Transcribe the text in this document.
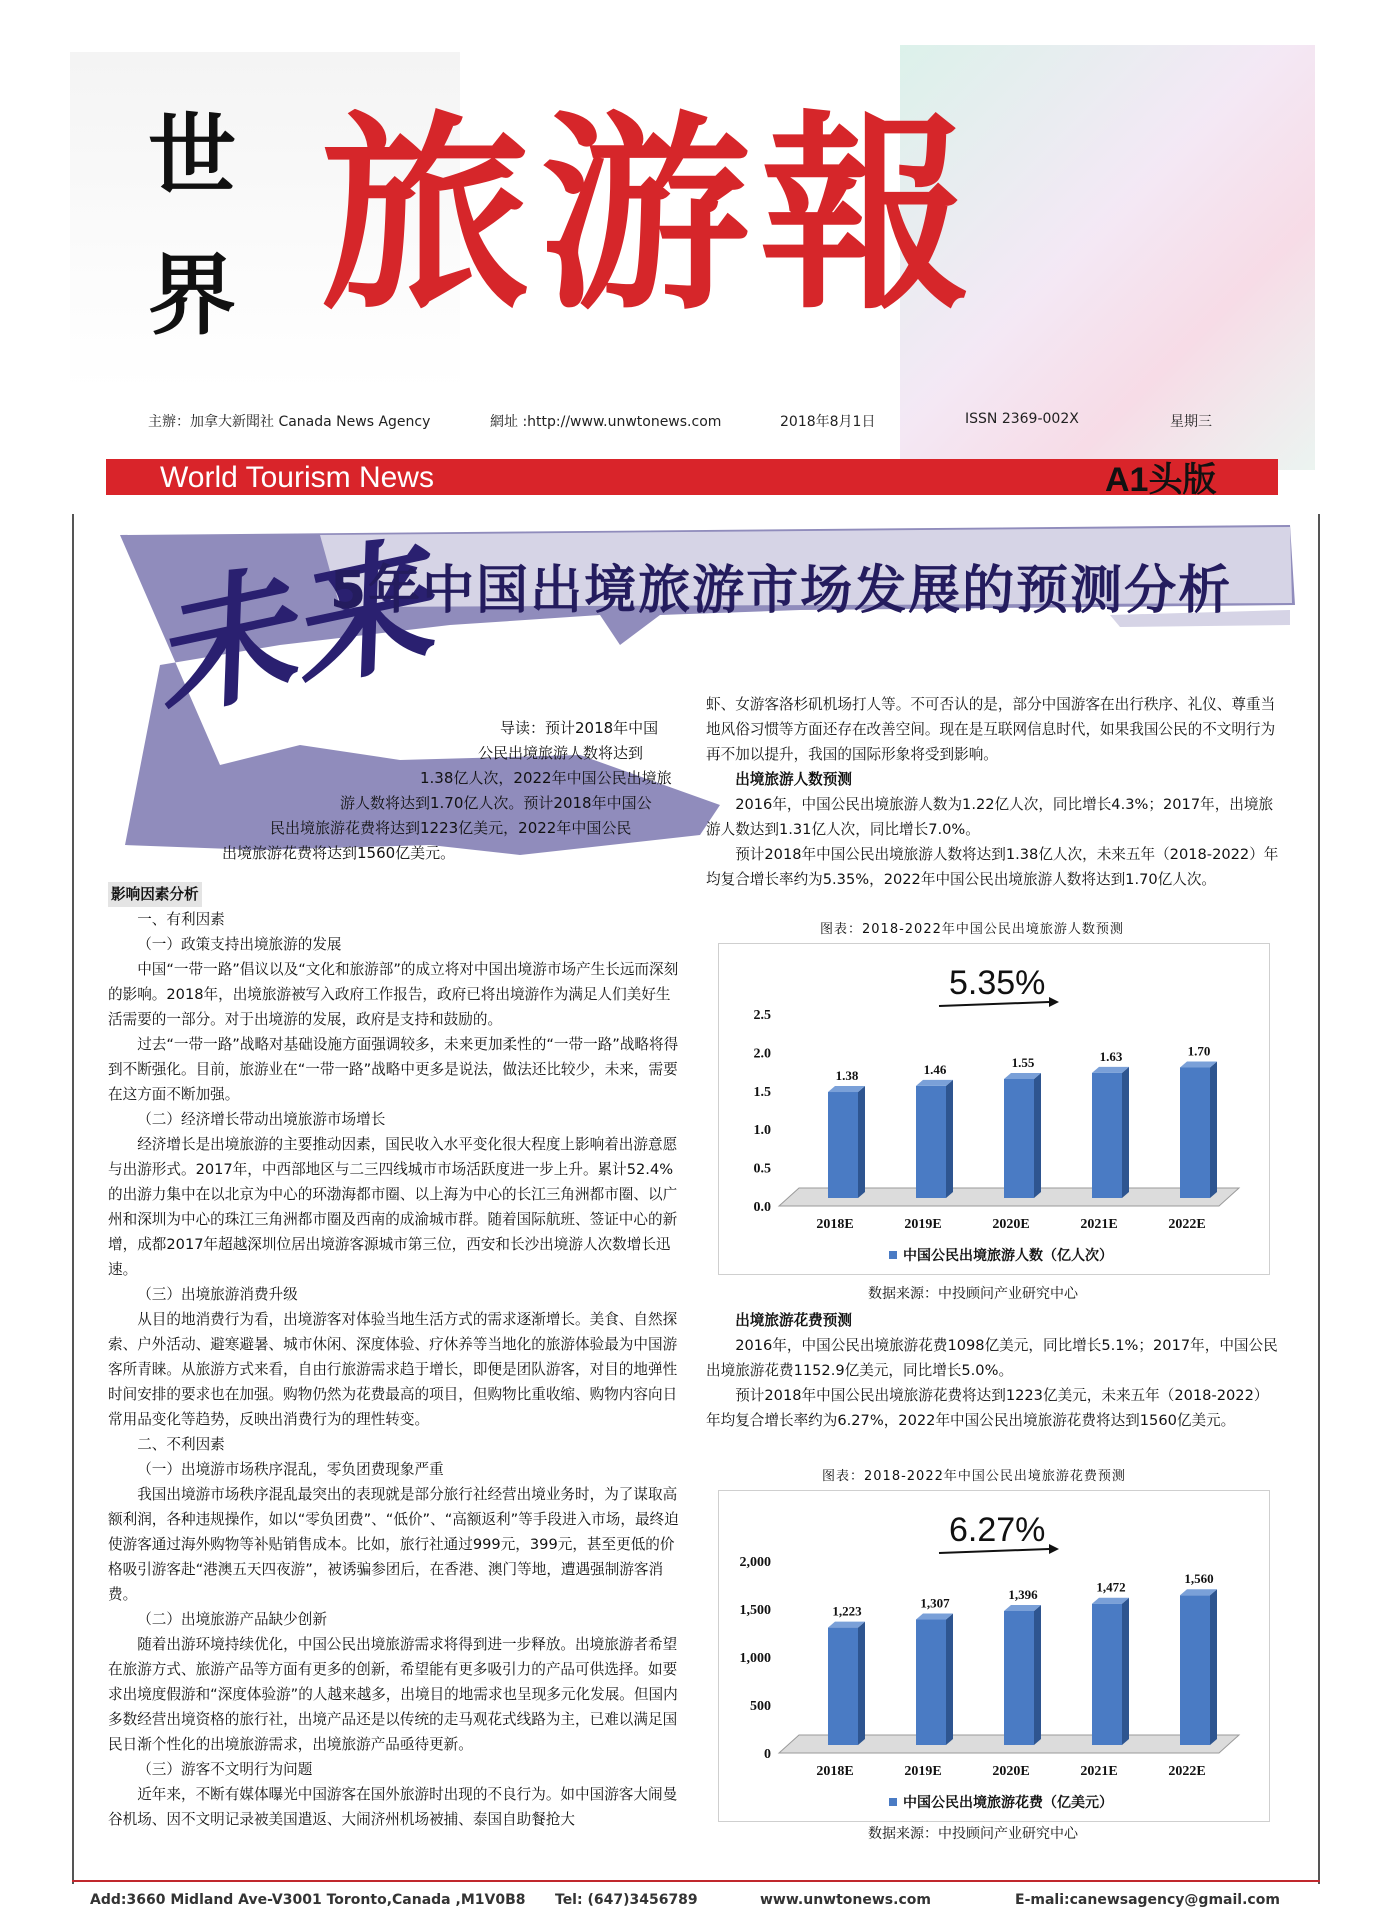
世
界 旅游報
主辦：加拿大新聞社 Canada News Agency	網址 :http://www.unwtonews.com	2018年8月1日	ISSN 2369-002X	星期三
World Tourism News	A1头版
未来
5年中国出境旅游市场发展的预测分析
导读：预计2018年中国
公民出境旅游人数将达到
1.38亿人次，2022年中国公民出境旅
游人数将达到1.70亿人次。预计2018年中国公
民出境旅游花费将达到1223亿美元，2022年中国公民
出境旅游花费将达到1560亿美元。

影响因素分析

一、有利因素

（一）政策支持出境旅游的发展

中国“一带一路”倡议以及“文化和旅游部”的成立将对中国出境游市场产生长远而深刻的影响。2018年，出境旅游被写入政府工作报告，政府已将出境游作为满足人们美好生活需要的一部分。对于出境游的发展，政府是支持和鼓励的。

过去“一带一路”战略对基础设施方面强调较多，未来更加柔性的“一带一路”战略将得到不断强化。目前，旅游业在“一带一路”战略中更多是说法，做法还比较少，未来，需要在这方面不断加强。

（二）经济增长带动出境旅游市场增长

经济增长是出境旅游的主要推动因素，国民收入水平变化很大程度上影响着出游意愿与出游形式。2017年，中西部地区与二三四线城市市场活跃度进一步上升。累计52.4%的出游力集中在以北京为中心的环渤海都市圈、以上海为中心的长江三角洲都市圈、以广州和深圳为中心的珠江三角洲都市圈及西南的成渝城市群。随着国际航班、签证中心的新增，成都2017年超越深圳位居出境游客源城市第三位，西安和长沙出境游人次数增长迅速。

（三）出境旅游消费升级

从目的地消费行为看，出境游客对体验当地生活方式的需求逐渐增长。美食、自然探索、户外活动、避寒避暑、城市休闲、深度体验、疗休养等当地化的旅游体验最为中国游客所青睐。从旅游方式来看，自由行旅游需求趋于增长，即便是团队游客，对目的地弹性时间安排的要求也在加强。购物仍然为花费最高的项目，但购物比重收缩、购物内容向日常用品变化等趋势，反映出消费行为的理性转变。

二、不利因素

（一）出境游市场秩序混乱，零负团费现象严重

我国出境游市场秩序混乱最突出的表现就是部分旅行社经营出境业务时，为了谋取高额利润，各种违规操作，如以“零负团费”、“低价”、“高额返利”等手段进入市场，最终迫使游客通过海外购物等补贴销售成本。比如，旅行社通过999元，399元，甚至更低的价格吸引游客赴“港澳五天四夜游”，被诱骗参团后，在香港、澳门等地，遭遇强制游客消费。

（二）出境旅游产品缺少创新

随着出游环境持续优化，中国公民出境旅游需求将得到进一步释放。出境旅游者希望在旅游方式、旅游产品等方面有更多的创新，希望能有更多吸引力的产品可供选择。如要求出境度假游和“深度体验游”的人越来越多，出境目的地需求也呈现多元化发展。但国内多数经营出境资格的旅行社，出境产品还是以传统的走马观花式线路为主，已难以满足国民日渐个性化的出境旅游需求，出境旅游产品亟待更新。

（三）游客不文明行为问题

近年来，不断有媒体曝光中国游客在国外旅游时出现的不良行为。如中国游客大闹曼谷机场、因不文明记录被美国遣返、大闹济州机场被捕、泰国自助餐抢大

虾、女游客洛杉矶机场打人等。不可否认的是，部分中国游客在出行秩序、礼仪、尊重当地风俗习惯等方面还存在改善空间。现在是互联网信息时代，如果我国公民的不文明行为再不加以提升，我国的国际形象将受到影响。

出境旅游人数预测

2016年，中国公民出境旅游人数为1.22亿人次，同比增长4.3%；2017年，出境旅游人数达到1.31亿人次，同比增长7.0%。

预计2018年中国公民出境旅游人数将达到1.38亿人次，未来五年（2018-2022）年均复合增长率约为5.35%，2022年中国公民出境旅游人数将达到1.70亿人次。

图表：2018-2022年中国公民出境旅游人数预测
0.0
0.5
1.0
1.5
2.0
2.5
1.38
2018E
1.46
2019E
1.55
2020E
1.63
2021E
1.70
2022E
中国公民出境旅游人数（亿人次）
5.35%
数据来源：中投顾问产业研究中心

出境旅游花费预测

2016年，中国公民出境旅游花费1098亿美元，同比增长5.1%；2017年，中国公民出境旅游花费1152.9亿美元，同比增长5.0%。

预计2018年中国公民出境旅游花费将达到1223亿美元，未来五年（2018-2022）年均复合增长率约为6.27%，2022年中国公民出境旅游花费将达到1560亿美元。

图表：2018-2022年中国公民出境旅游花费预测
0
500
1,000
1,500
2,000
1,223
2018E
1,307
2019E
1,396
2020E
1,472
2021E
1,560
2022E
中国公民出境旅游花费（亿美元）
6.27%
数据来源：中投顾问产业研究中心
Add:3660 Midland Ave-V3001 Toronto,Canada ,M1V0B8 Tel: (647)3456789	www.unwtonews.com	E-mali:canewsagency@gmail.com
